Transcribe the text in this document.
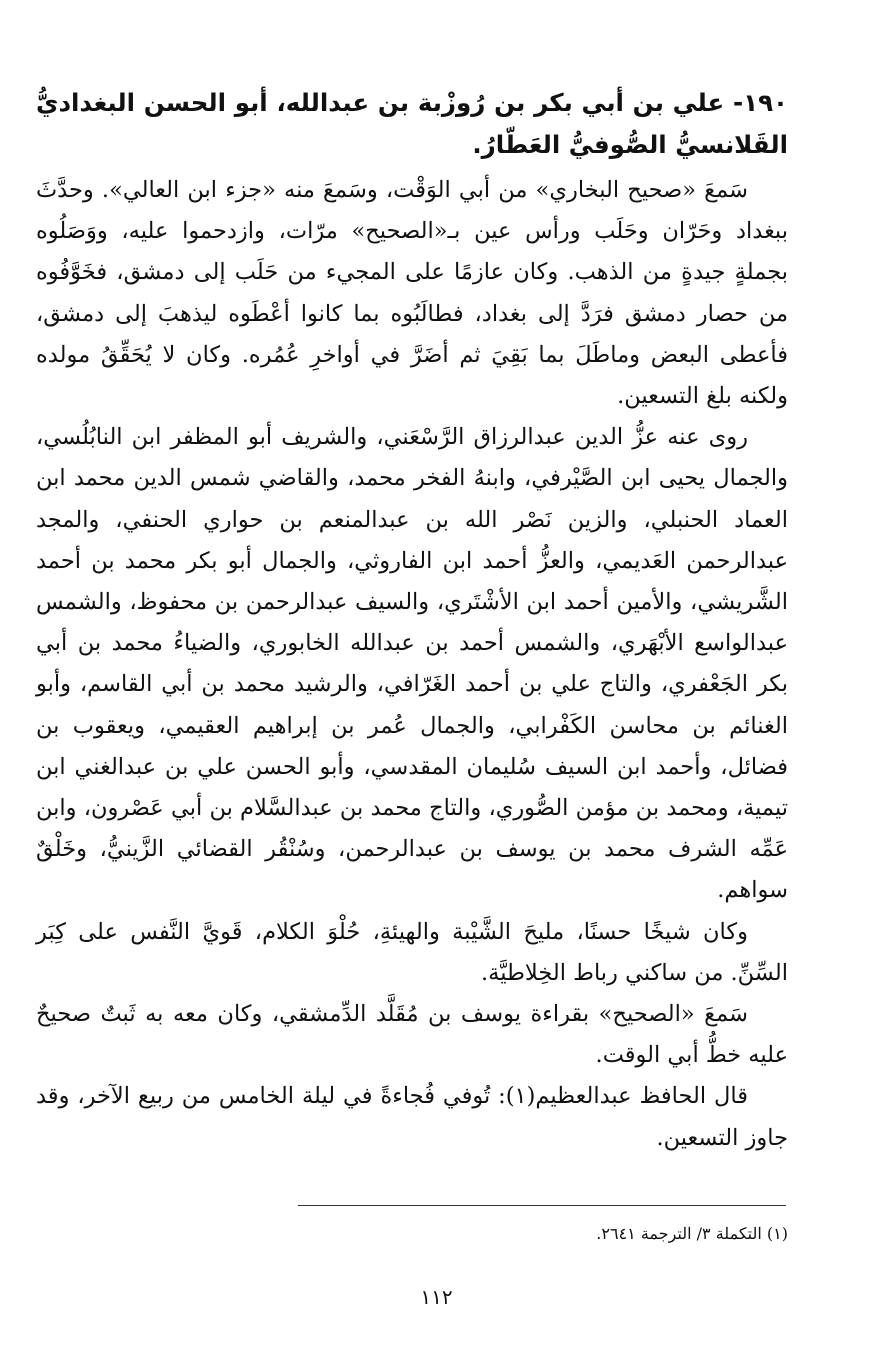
١٩٠- علي بن أبي بكر بن رُوزْبة بن عبدالله، أبو الحسن البغداديُّ القَلانسيُّ الصُّوفيُّ العَطّارُ.

سَمعَ «صحيح البخاري» من أبي الوَقْت، وسَمعَ منه «جزء ابن العالي». وحدَّثَ ببغداد وحَرّان وحَلَب ورأس عين بـ«الصحيح» مرّات، وازدحموا عليه، ووَصَلُوه بجملةٍ جيدةٍ من الذهب. وكان عازمًا على المجيء من حَلَب إلى دمشق، فخَوَّفُوه من حصار دمشق فرَدَّ إلى بغداد، فطالَبُوه بما كانوا أعْطَوه ليذهبَ إلى دمشق، فأعطى البعض وماطَلَ بما بَقِيَ ثم أضَرَّ في أواخرِ عُمُره. وكان لا يُحَقِّقُ مولده ولكنه بلغ التسعين.

روى عنه عزُّ الدين عبدالرزاق الرَّسْعَني، والشريف أبو المظفر ابن النابُلُسي، والجمال يحيى ابن الصَّيْرفي، وابنهُ الفخر محمد، والقاضي شمس الدين محمد ابن العماد الحنبلي، والزين نَصْر الله بن عبدالمنعم بن حواري الحنفي، والمجد عبدالرحمن العَديمي، والعزُّ أحمد ابن الفاروثي، والجمال أبو بكر محمد بن أحمد الشَّريشي، والأمين أحمد ابن الأشْتَري، والسيف عبدالرحمن بن محفوظ، والشمس عبدالواسع الأبْهَري، والشمس أحمد بن عبدالله الخابوري، والضياءُ محمد بن أبي بكر الجَعْفري، والتاج علي بن أحمد الغَرّافي، والرشيد محمد بن أبي القاسم، وأبو الغنائم بن محاسن الكَفْرابي، والجمال عُمر بن إبراهيم العقيمي، ويعقوب بن فضائل، وأحمد ابن السيف سُليمان المقدسي، وأبو الحسن علي بن عبدالغني ابن تيمية، ومحمد بن مؤمن الصُّوري، والتاج محمد بن عبدالسَّلام بن أبي عَصْرون، وابن عَمِّه الشرف محمد بن يوسف بن عبدالرحمن، وسُنْقُر القضائي الزَّينيُّ، وخَلْقٌ سواهم.

وكان شيخًا حسنًا، مليحَ الشَّيْبة والهيئةِ، حُلْوَ الكلام، قَويَّ النَّفس على كِبَر السِّنِّ. من ساكني رباط الخِلاطيَّة.

سَمعَ «الصحيح» بقراءة يوسف بن مُقَلَّد الدِّمشقي، وكان معه به ثَبتٌ صحيحٌ عليه خطُّ أبي الوقت.

قال الحافظ عبدالعظيم(١): تُوفي فُجاءةً في ليلة الخامس من ربيع الآخر، وقد جاوز التسعين.

(١) التكملة ٣/ الترجمة ٢٦٤١.
١١٢
